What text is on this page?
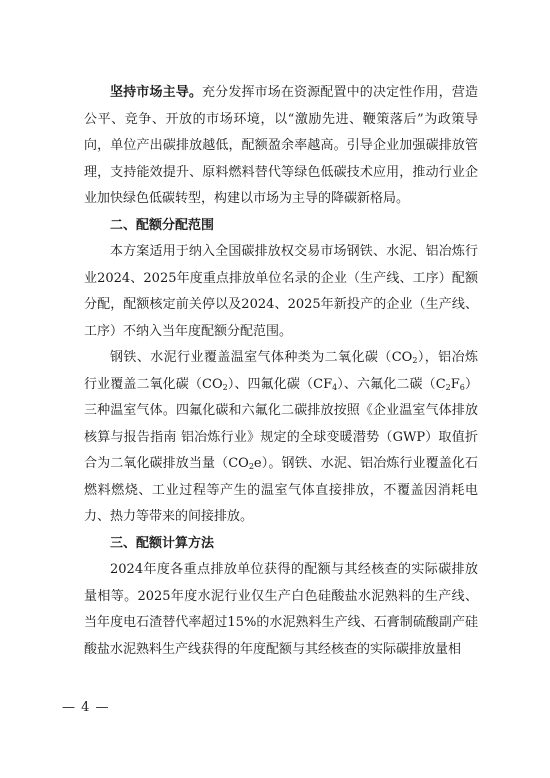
坚持市场主导。充分发挥市场在资源配置中的决定性作用，营造公平、竞争、开放的市场环境，以“激励先进、鞭策落后”为政策导向，单位产出碳排放越低，配额盈余率越高。引导企业加强碳排放管理，支持能效提升、原料燃料替代等绿色低碳技术应用，推动行业企业加快绿色低碳转型，构建以市场为主导的降碳新格局。

二、配额分配范围

本方案适用于纳入全国碳排放权交易市场钢铁、水泥、铝冶炼行业2024、2025年度重点排放单位名录的企业（生产线、工序）配额分配，配额核定前关停以及2024、2025年新投产的企业（生产线、工序）不纳入当年度配额分配范围。

钢铁、水泥行业覆盖温室气体种类为二氧化碳$(CO_2)$，铝冶炼行业覆盖二氧化碳$(CO_2)$、四氟化碳$(CF_4)$、六氟化二碳$(C_2F_6)$三种温室气体。四氟化碳和六氟化二碳排放按照《企业温室气体排放核算与报告指南 铝冶炼行业》规定的全球变暖潜势（GWP）取值折合为二氧化碳排放当量$(CO_2e)$。钢铁、水泥、铝冶炼行业覆盖化石燃料燃烧、工业过程等产生的温室气体直接排放，不覆盖因消耗电力、热力等带来的间接排放。

三、配额计算方法

2024年度各重点排放单位获得的配额与其经核查的实际碳排放量相等。2025年度水泥行业仅生产白色硅酸盐水泥熟料的生产线、当年度电石渣替代率超过15%的水泥熟料生产线、石膏制硫酸副产硅酸盐水泥熟料生产线获得的年度配额与其经核查的实际碳排放量相

— 4 —
